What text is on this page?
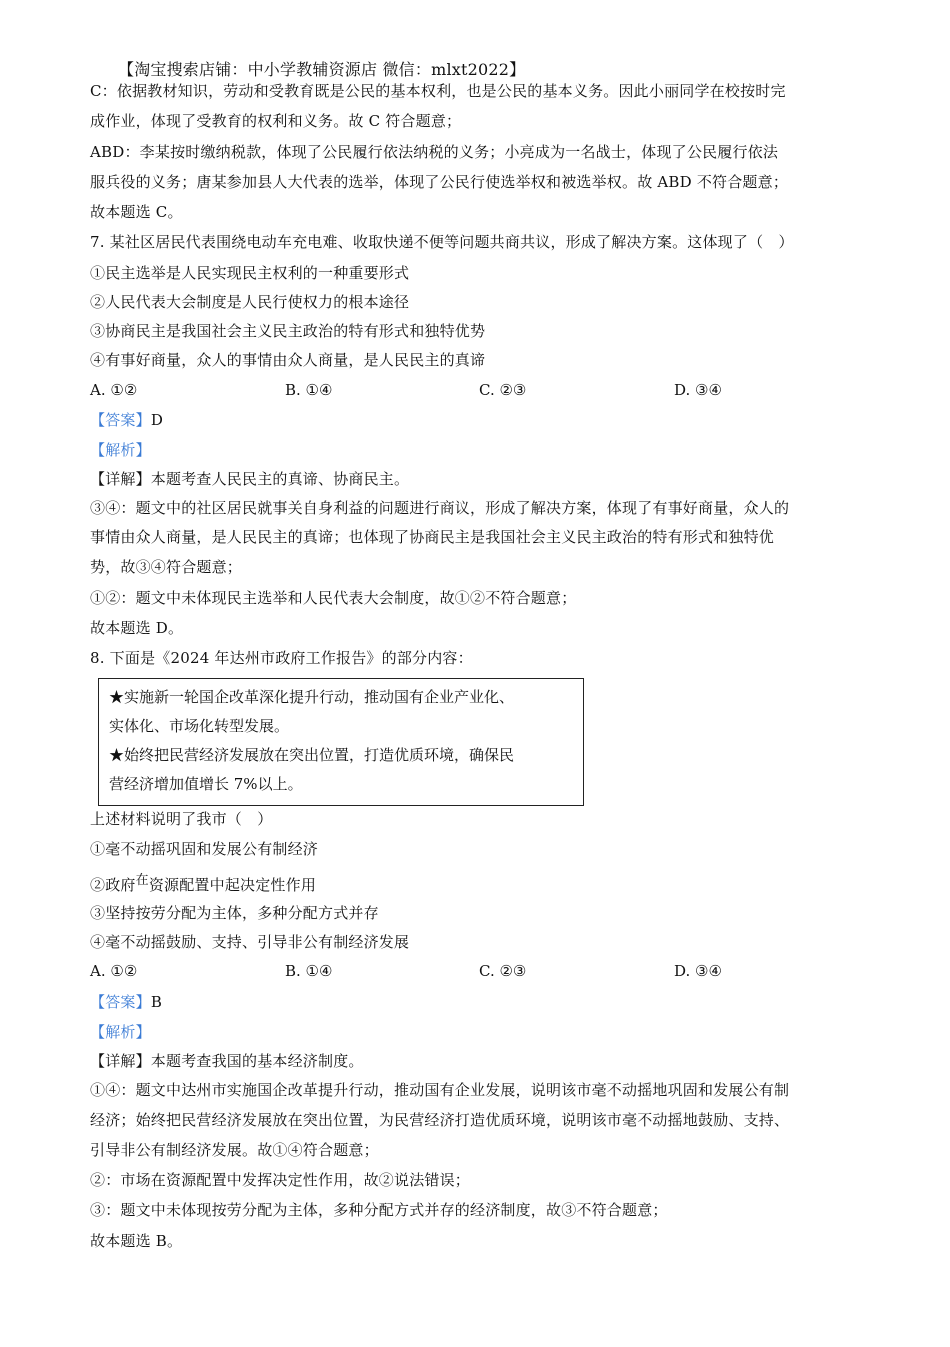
【淘宝搜索店铺：中小学教辅资源店 微信：mlxt2022】
C：依据教材知识，劳动和受教育既是公民的基本权利，也是公民的基本义务。因此小丽同学在校按时完
成作业，体现了受教育的权利和义务。故 C 符合题意；
ABD：李某按时缴纳税款，体现了公民履行依法纳税的义务；小亮成为一名战士，体现了公民履行依法
服兵役的义务；唐某参加县人大代表的选举，体现了公民行使选举权和被选举权。故 ABD 不符合题意；
故本题选 C。
7. 某社区居民代表围绕电动车充电难、收取快递不便等问题共商共议，形成了解决方案。这体现了（　）
①民主选举是人民实现民主权利的一种重要形式
②人民代表大会制度是人民行使权力的根本途径
③协商民主是我国社会主义民主政治的特有形式和独特优势
④有事好商量，众人的事情由众人商量，是人民民主的真谛
A. ①②	B. ①④	C. ②③	D. ③④
【答案】D
【解析】
【详解】本题考查人民民主的真谛、协商民主。
③④：题文中的社区居民就事关自身利益的问题进行商议，形成了解决方案，体现了有事好商量，众人的
事情由众人商量，是人民民主的真谛；也体现了协商民主是我国社会主义民主政治的特有形式和独特优
势，故③④符合题意；
①②：题文中未体现民主选举和人民代表大会制度，故①②不符合题意；
故本题选 D。
8. 下面是《2024 年达州市政府工作报告》的部分内容：
★实施新一轮国企改革深化提升行动，推动国有企业产业化、
实体化、市场化转型发展。
★始终把民营经济发展放在突出位置，打造优质环境，确保民
营经济增加值增长 7%以上。
上述材料说明了我市（　）
①毫不动摇巩固和发展公有制经济
②政府在资源配置中起决定性作用
③坚持按劳分配为主体，多种分配方式并存
④毫不动摇鼓励、支持、引导非公有制经济发展
A. ①②	B. ①④	C. ②③	D. ③④
【答案】B
【解析】
【详解】本题考查我国的基本经济制度。
①④：题文中达州市实施国企改革提升行动，推动国有企业发展，说明该市毫不动摇地巩固和发展公有制
经济；始终把民营经济发展放在突出位置，为民营经济打造优质环境，说明该市毫不动摇地鼓励、支持、
引导非公有制经济发展。故①④符合题意；
②：市场在资源配置中发挥决定性作用，故②说法错误；
③：题文中未体现按劳分配为主体，多种分配方式并存的经济制度，故③不符合题意；
故本题选 B。
